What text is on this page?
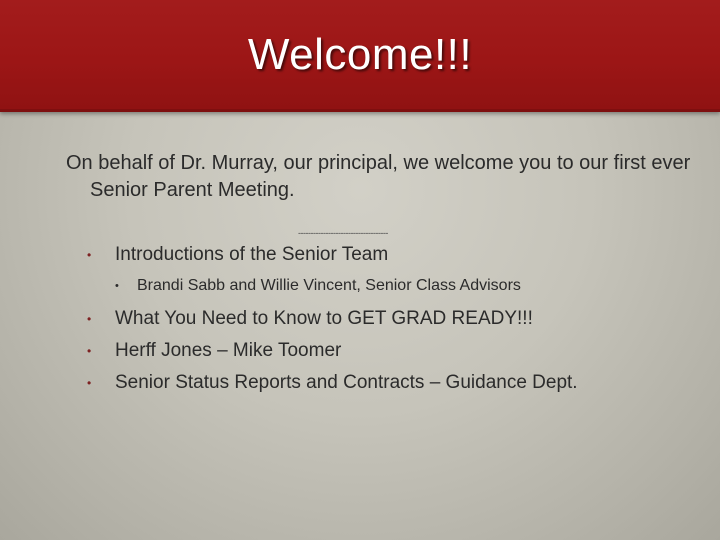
Welcome!!!
On behalf of Dr. Murray, our principal, we welcome you to our first ever Senior Parent Meeting.
------------------------------------
• Introductions of the Senior Team
• Brandi Sabb and Willie Vincent, Senior Class Advisors
• What You Need to Know to GET GRAD READY!!!
• Herff Jones – Mike Toomer
• Senior Status Reports and Contracts – Guidance Dept.
